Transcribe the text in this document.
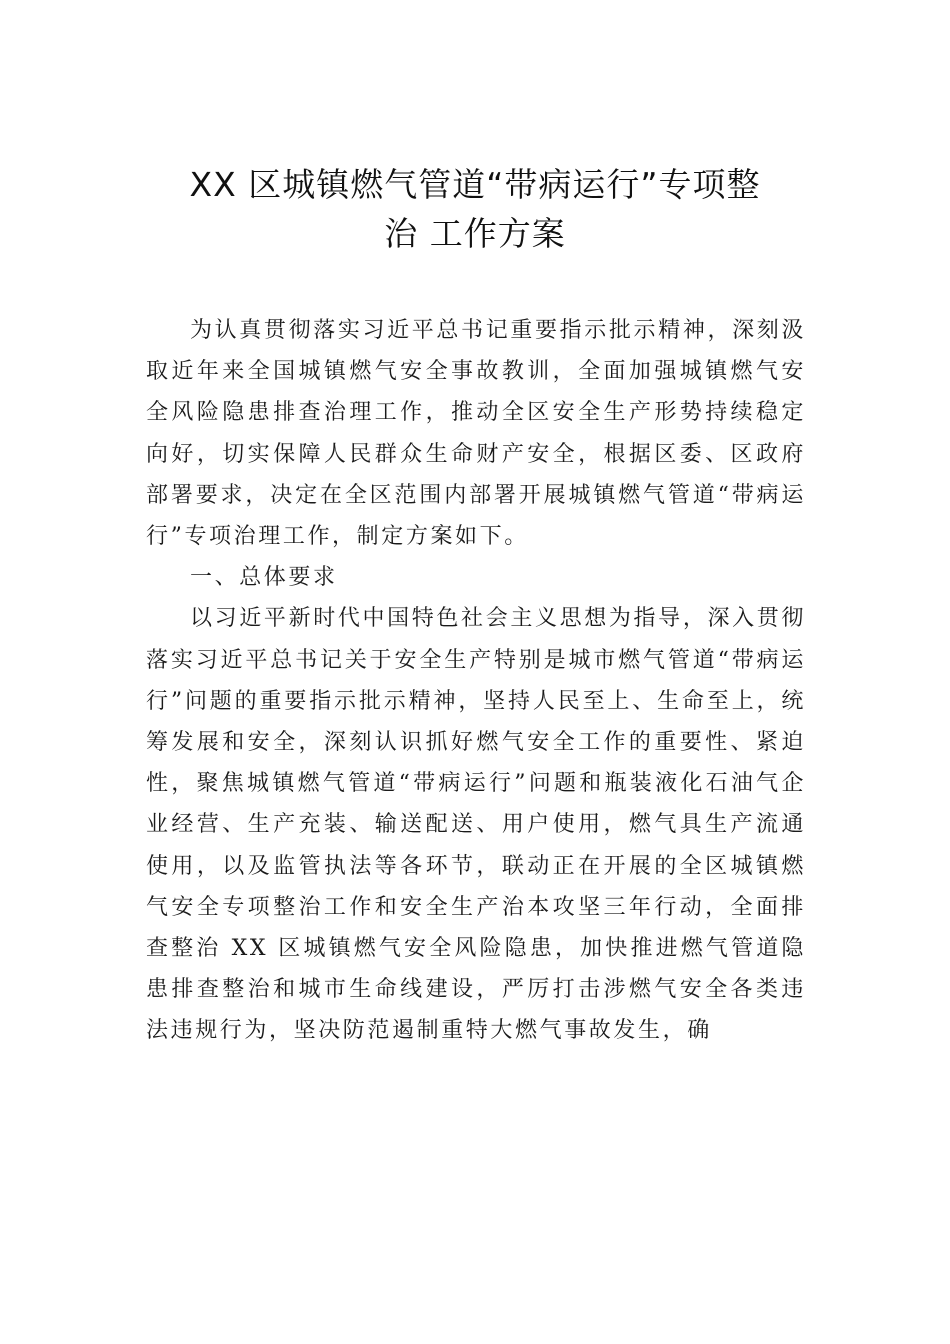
XX 区城镇燃气管道“带病运行”专项整
治 工作方案

为认真贯彻落实习近平总书记重要指示批示精神，深刻汲取近年来全国城镇燃气安全事故教训，全面加强城镇燃气安全风险隐患排查治理工作，推动全区安全生产形势持续稳定向好，切实保障人民群众生命财产安全，根据区委、区政府部署要求，决定在全区范围内部署开展城镇燃气管道“带病运行”专项治理工作，制定方案如下。

一、总体要求

以习近平新时代中国特色社会主义思想为指导，深入贯彻落实习近平总书记关于安全生产特别是城市燃气管道“带病运行”问题的重要指示批示精神，坚持人民至上、生命至上，统筹发展和安全，深刻认识抓好燃气安全工作的重要性、紧迫性，聚焦城镇燃气管道“带病运行”问题和瓶装液化石油气企业经营、生产充装、输送配送、用户使用，燃气具生产流通使用，以及监管执法等各环节，联动正在开展的全区城镇燃气安全专项整治工作和安全生产治本攻坚三年行动，全面排查整治 XX 区城镇燃气安全风险隐患，加快推进燃气管道隐患排查整治和城市生命线建设，严厉打击涉燃气安全各类违法违规行为，坚决防范遏制重特大燃气事故发生，确
